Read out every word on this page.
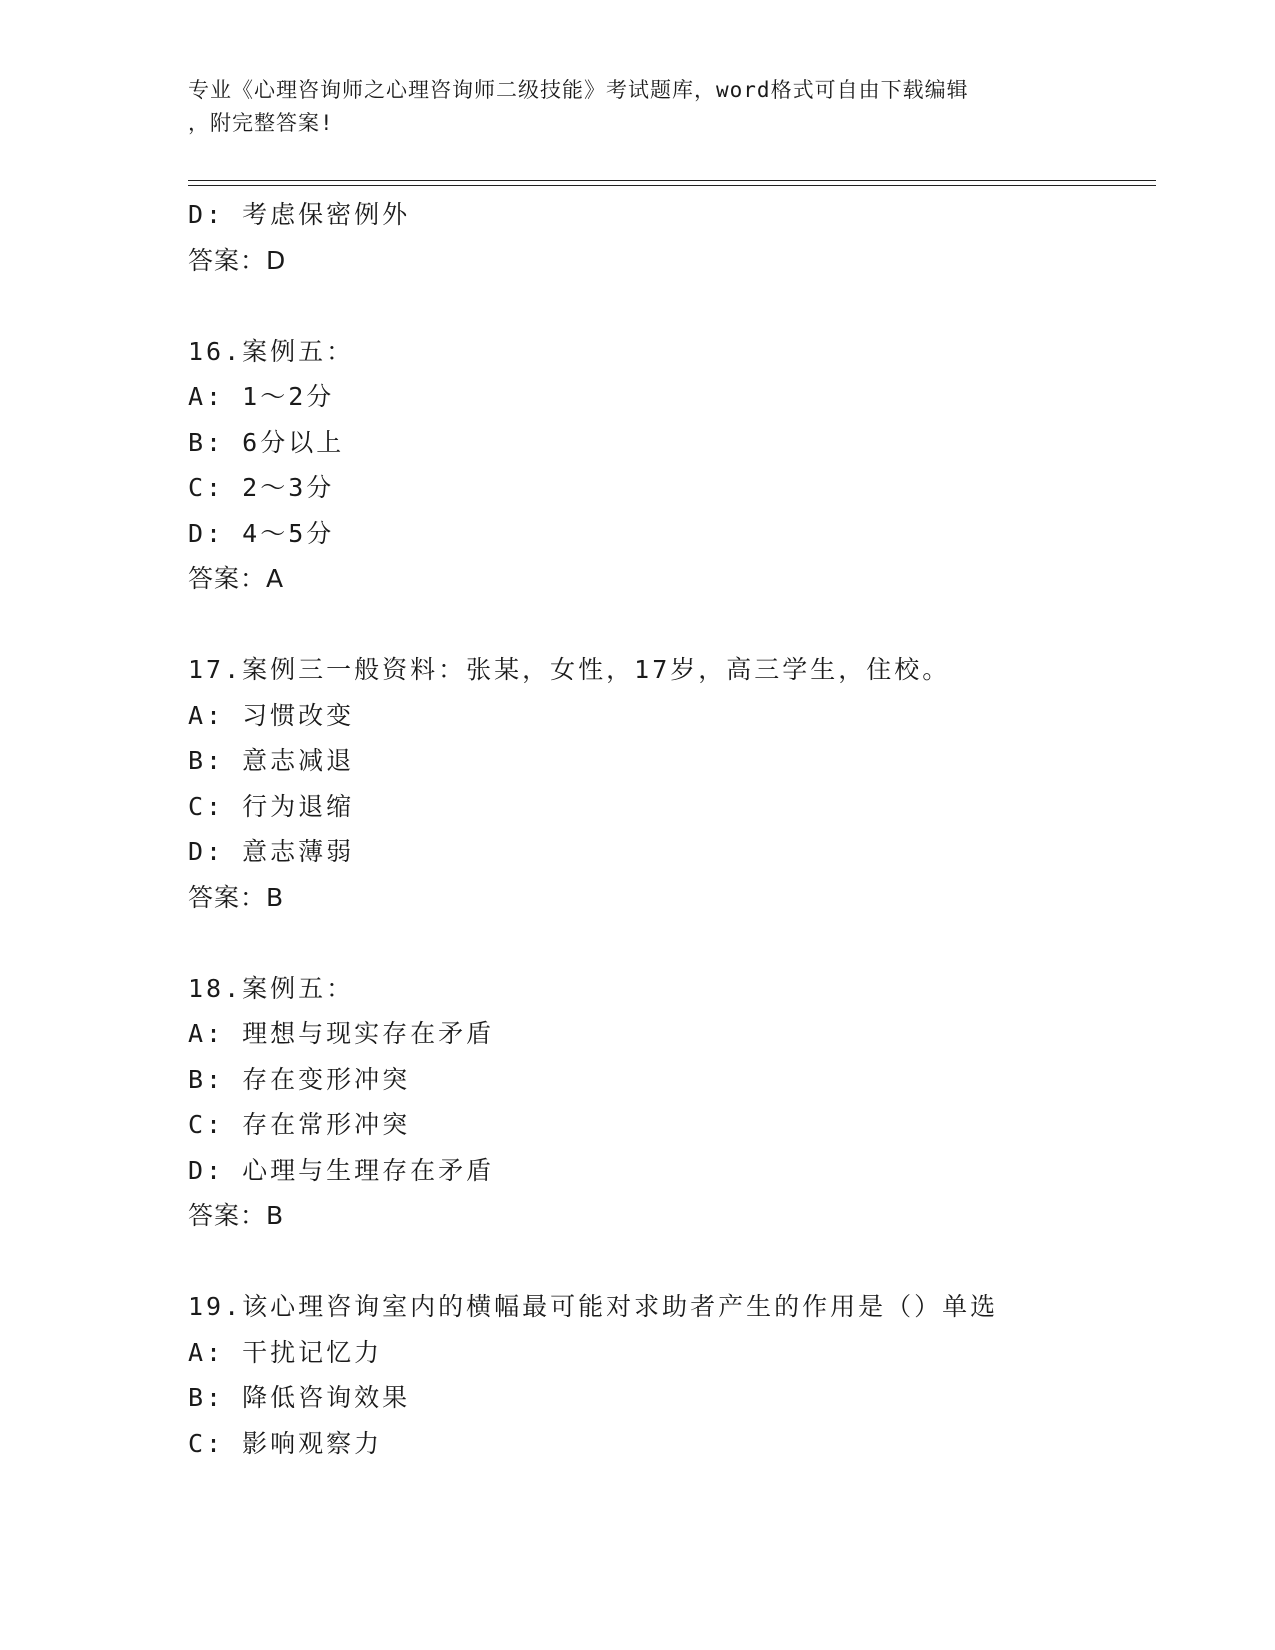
专业《心理咨询师之心理咨询师二级技能》考试题库，word格式可自由下载编辑
，附完整答案!
D: 考虑保密例外
答案：D
16.案例五：
A: 1～2分
B: 6分以上
C: 2～3分
D: 4～5分
答案：A
17.案例三一般资料：张某，女性，17岁，高三学生，住校。
A: 习惯改变
B: 意志减退
C: 行为退缩
D: 意志薄弱
答案：B
18.案例五：
A: 理想与现实存在矛盾
B: 存在变形冲突
C: 存在常形冲突
D: 心理与生理存在矛盾
答案：B
19.该心理咨询室内的横幅最可能对求助者产生的作用是（）单选
A: 干扰记忆力
B: 降低咨询效果
C: 影响观察力
